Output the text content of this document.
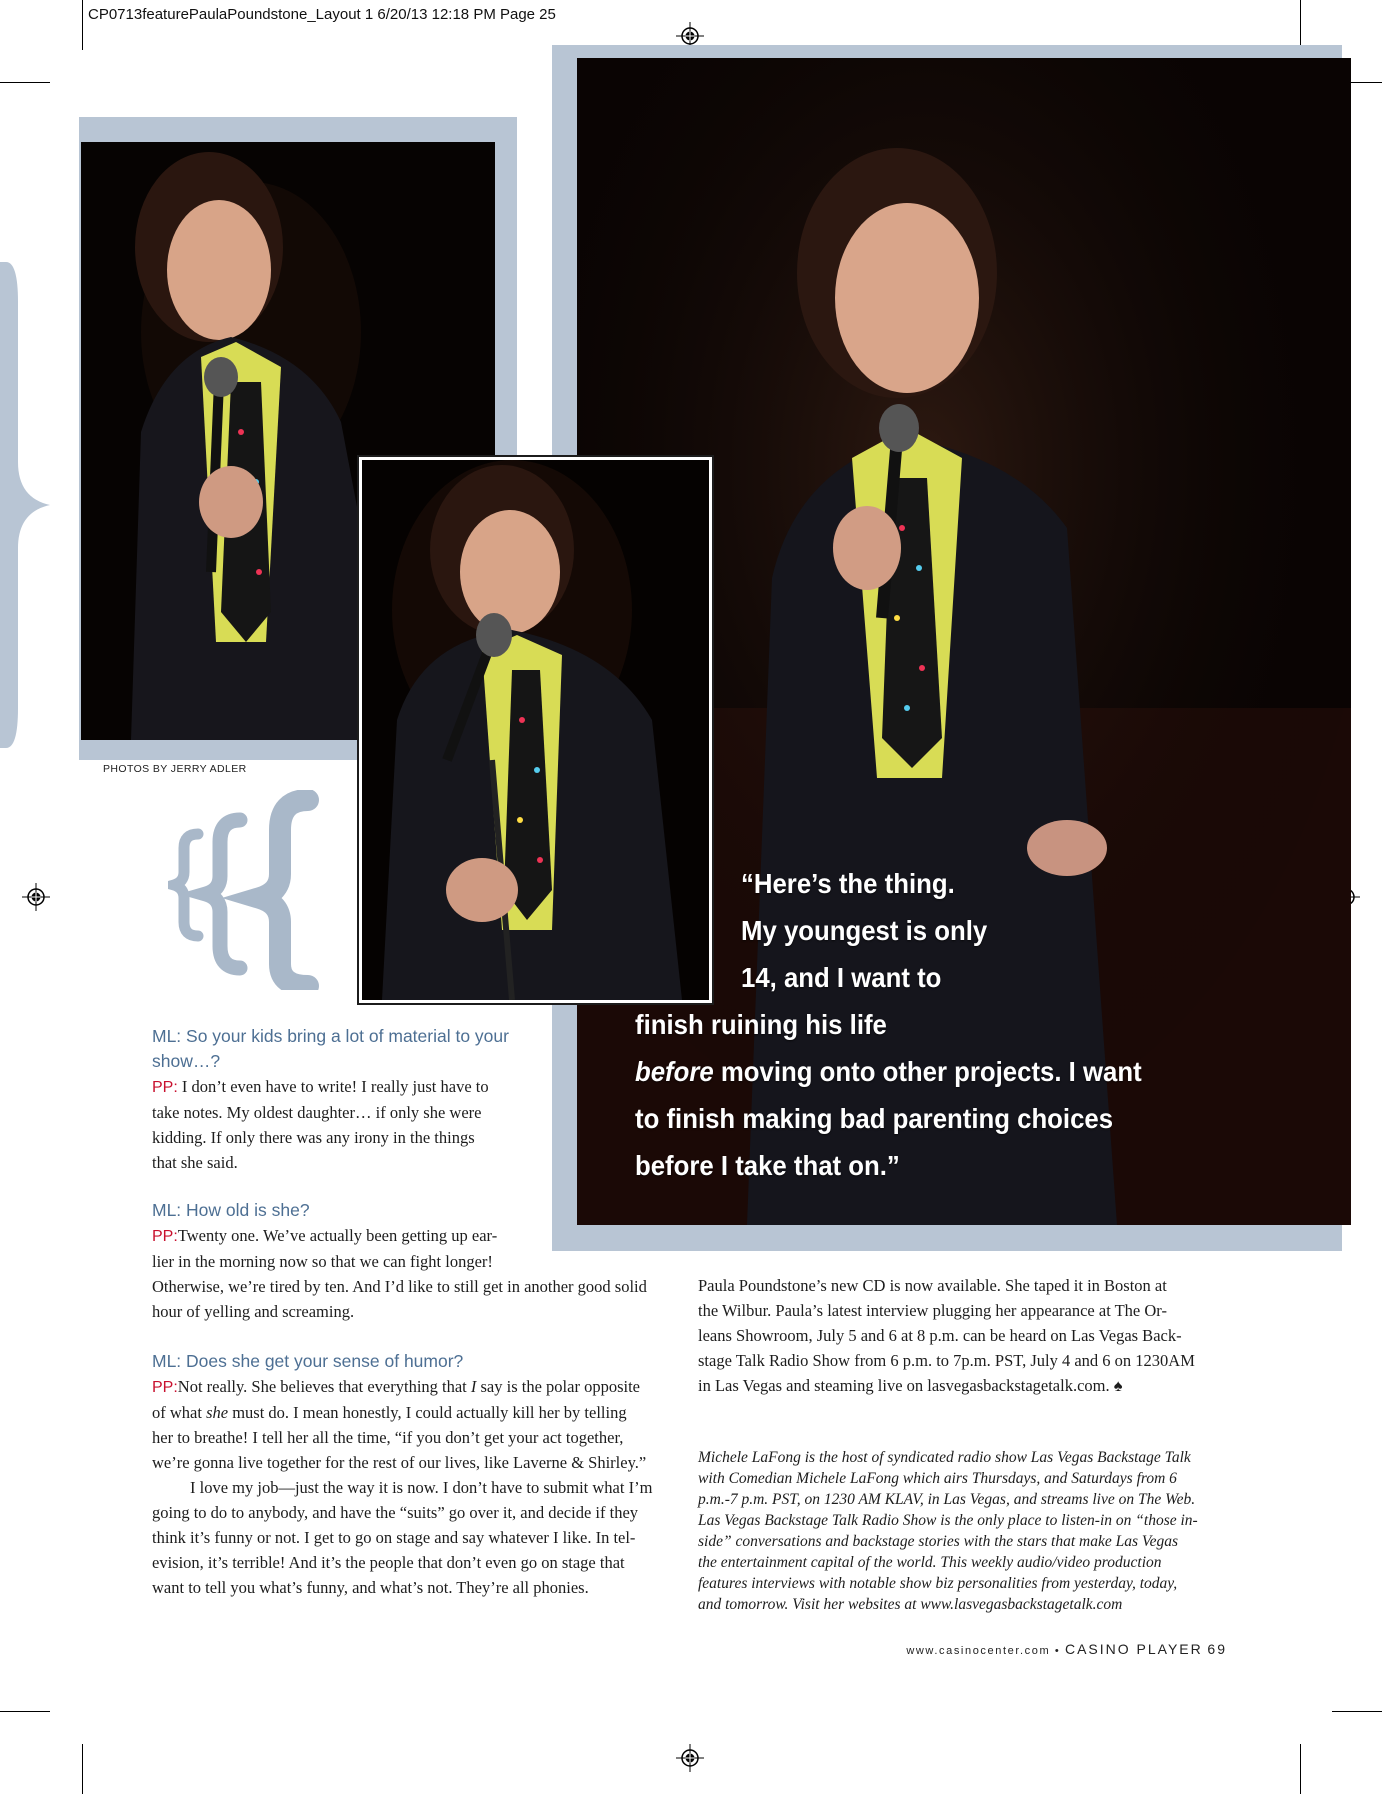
CP0713featurePaulaPoundstone_Layout 1 6/20/13 12:18 PM Page 25
PHOTOS BY JERRY ADLER
“Here’s the thing.
My youngest is only
14, and I want to
finish ruining his life
before moving onto other projects. I want
to finish making bad parenting choices
before I take that on.”
ML: So your kids bring a lot of material to your
show…?
PP: I don’t even have to write! I really just have to
take notes. My oldest daughter… if only she were
kidding. If only there was any irony in the things
that she said.
ML: How old is she?
PP:Twenty one. We’ve actually been getting up ear-
lier in the morning now so that we can fight longer!
Otherwise, we’re tired by ten. And I’d like to still get in another good solid
hour of yelling and screaming.
ML: Does she get your sense of humor?
PP:Not really. She believes that everything that I say is the polar opposite
of what she must do. I mean honestly, I could actually kill her by telling
her to breathe! I tell her all the time, “if you don’t get your act together,
we’re gonna live together for the rest of our lives, like Laverne & Shirley.”
I love my job—just the way it is now. I don’t have to submit what I’m
going to do to anybody, and have the “suits” go over it, and decide if they
think it’s funny or not. I get to go on stage and say whatever I like. In tel-
evision, it’s terrible! And it’s the people that don’t even go on stage that
want to tell you what’s funny, and what’s not. They’re all phonies.
Paula Poundstone’s new CD is now available. She taped it in Boston at
the Wilbur. Paula’s latest interview plugging her appearance at The Or-
leans Showroom, July 5 and 6 at 8 p.m. can be heard on Las Vegas Back-
stage Talk Radio Show from 6 p.m. to 7p.m. PST, July 4 and 6 on 1230AM
in Las Vegas and steaming live on lasvegasbackstagetalk.com. ♠
Michele LaFong is the host of syndicated radio show Las Vegas Backstage Talk
with Comedian Michele LaFong which airs Thursdays, and Saturdays from 6
p.m.-7 p.m. PST, on 1230 AM KLAV, in Las Vegas, and streams live on The Web.
Las Vegas Backstage Talk Radio Show is the only place to listen-in on “those in-
side” conversations and backstage stories with the stars that make Las Vegas
the entertainment capital of the world. This weekly audio/video production
features interviews with notable show biz personalities from yesterday, today,
and tomorrow. Visit her websites at www.lasvegasbackstagetalk.com
www.casinocenter.com • CASINO PLAYER 69
